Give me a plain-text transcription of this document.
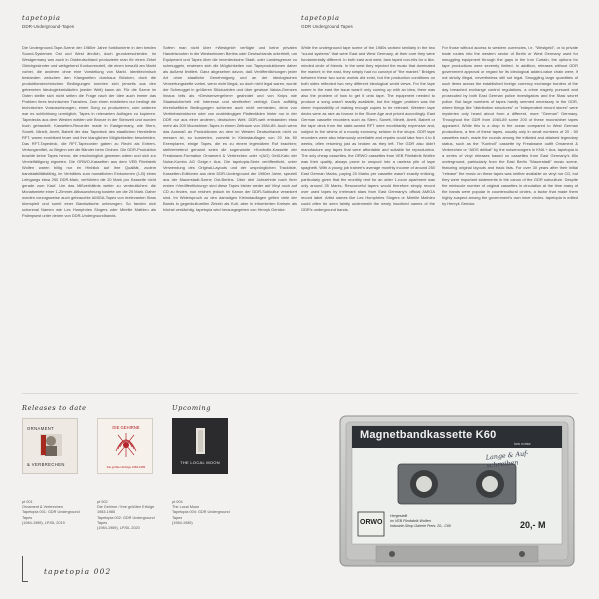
tapetopia
DDR-Underground-Tapes
tapetopia
GDR Underground Tapes

Die Underground-Tape-Szene der 1980er Jahre funktionierte in den beiden Sound-Systemen Ost und West ähnlich, doch grundverschieden. Im Westgermany war auch in Ostdeutschland produzierte man für einen Zirkel Gleichgesinnter und weitgehend Konkurrenzteil, die einen bewußt am Markt vorbei, die anderen ohne eine Vorstellung von Markt. Identitechnisch bestanden zwischen den Klangwelten durchaus Brücken, doch die produktionstechnischen Bedingungen konnten sich jenseits aus den getrennten Ideologiekreisläufen (weder Welt) kaum ab. Für die Szene im Osten stellte sich nicht selten die Frage nach der Idee auch immer das Problem ihres technischen Transfers. Zum einen existierten nur bedingt die technischen Voraussetzungen, einen Song zu produzieren, zum anderen war es schlichtweg unmöglich, Tapes in relevanten Auflagen zu kopieren. Tapedecks aus dem Westen wirkten wie Bronze in der Steinzeit und wurden hoch gehandelt. Kassetten-Recorder made in Eastgermany, wie Stern, Sonett, Minett, Anett, Babett der das Tapedeck des staatlichen Herstellers RFT, waren exorbitant teuer und ihre klanglichen Möglichkeiten bescheiden. Das RFT-Tapedeck, die RFT-Tapecorder gaben zu Recht als Extrem-Vertungsmittel, zu Beginn wer die Bänder beim Ordnen. Die DDR-Produktion brachte keine Tapes hervor, die erschwinglich gewesen wären und sich zur Vervielfältigung eigneten. Die ORWO-Kassetten aus dem VEB Filmfabrik Wolfen waren billig nur im Hinblick auf ihre Qualität, zudem bandstabilitätsfähig, im Verhältnis zum monatlichen Einkommen (1-B) eines Leihgangs etwa 250 DDR-Mark, verführten die 20 Mark pro Kassette nicht gerade zum Kauf. Um das Mißverhältnis weiter zu verdeutlichen: die Monatsmiete einer 1-Zimmer-Altbauwohnung kostete um die 25 Mark. Daher wurden vorzugsweise auch gebrauchte AMIGA-Tapes von irrelevanten Stars überspielt und somit einer Bandwäsche unterzogen. So fanden sich schonmal Namen wie Les Humphries Singers oder Mireille Mathieu als Palimpsest unter denen von DDR-Undergroundbands.

Sofern man nicht über »Westgeld« verfügte und keine privaten Handelsrouten in die Westsektoren Berlins oder Deutschlands unterhielt, um Equipment und Tapes über die innerdeutsche Stadt- oder Landesgrenze zu schmuggeln, erwiesen sich die Möglichkeiten von Tapeproduktionen daher als äußerst limitiert. Ganz abgesehen davon, daß Veröffentlichungen jeder Art ohne staatliche Genehmigung und an der ideologischen Verwertungskette vorbei, wenn nicht illegal, so doch nicht legal waren, wurde der Schmuggel in größeren Stückzahlen und über gewisse Valuta-Grenzen hinaus teils als »Devisenvergehen« geahndet und von Knips wie Staatssicherheit mit Interesse und streifenfrei verfolgt. Doch auffällig ehrenhaftliche Bedingungen schienen auch nicht vermieden, denn von Vertriebsstrukturen oder von unabhängigen Plattenläden hinter nur in der DDR nur aus einer anderen, deutschen Welt. DDR-weit entstanden etwa mehr als 200 Moonshiner-Tapes in einem Zeitraum von 1984-89. Auch wenn das Ausmaß an Produktionen an dem im Westen Deutschlands nicht zu messen ist, so kursierten, zumeist in Kleinstauflagen von 20 bis 50 Exemplaren, einige Tapes, die es zu einem legendären Ruf brachten; stellvertretend genannt seien die sogenannte »Kontrolle-Kassette der Freakwave-Formation Ornament & Verbrechen oder »(AG) Geiß-Kato der Noise-Kombo AG Geige.« Aus. Die tapetopia-Serie veröffentlicht, unter Verwendung des Original-Layouts und der ursprünglichen Trackliste, Kassetten-Editionen aus dem DDR-Underground der 1980er Jahre, speziell aus der Mauerstadt-Szene Ost-Berlins. Über drei Jahrzehnte nach ihrer ersten »Veröffentlichung« sind diese Tapes bisher weder auf Vinyl noch auf CD zu finden, nun reichen jedoch im Kanon der DDR-Subkultur verankert sind. Im Widerspruch zu den damaligen Kleinstauflagen gelten viele der Bands in gegenkulturellen Zirkeln als Kult, aber in informierten Kreisen als höchst verdächtig. tapetopia wird herausgegeben von Henryk Gericke.

While the underground tape scene of the 1980s worked similarly in the two "sound systems" that were East and West Germany, at their core they were fundamentally different. In both east and west, fans taped non-hits for a like-minded circle of friends. In the west they rejected the music that dominated the market; in the east, they simply had no concept of "the market." Bridges between these two sonic worlds did exist, but the production conditions on both sides reflected two very different ideological world views. For the tape scene in the east the issue wasn't only coming up with an idea, there was also the problem of how to get it onto tape. The equipment needed to produce a song wasn't readily available, but the bigger problem was the sheer impossibility of making enough copies to be relevant. Western tape decks were as rare as bronze in the Stone Age and priced accordingly. East German cassette recorders such as Stern, Sonett, Minett, Anett, Babett or the tape deck from the state-owned RFT were exorbitantly expensive and, subject to the whims of a moody economy, seldom in the shops. GDR tape recorders were also infamously unreliable and repairs could take from 4 to 8 weeks, often returning just as broken as they left. The GDR also didn't manufacture any tapes that were affordable and suitable for reproduction. The only cheap cassettes, the ORWO cassettes from VEB Filmfabrik Wolfen was their quality, always prone to unspool into a useless pile of tape spaghetti. With a young job trainee's average monthly income of around 250 East German Marks, paying 20 Marks per cassette wasn't exactly enticing, particularly given that the monthly rent for an older 1-room apartment was only around 25 Marks. Resourceful tapers would therefore simply record over used tapes by irrelevant stars from East Germany's official AMIGA record label. Artist names like Les Humphries Singers or Mireille Mathieu could often be seen faintly underneath the newly inscribed names of the GDR's underground bands.

For those without access to western currencies, i.e. "Westgeld", or to private trade routes into the western sector of Berlin or West Germany used for smuggling equipment through the gaps in the Iron Curtain, the options for tape productions were severely limited. In addition, releases without GDR government approval or regard for its ideological added-value chain were, if not strictly illegal, nevertheless still not legal. Smuggling large quantities of such items across the established foreign currency exchange borders of the day breached exchange control regulations, a crime eagerly pursued and prosecuted by both East German police investigators and the Stasi secret police. But large numbers of tapes hardly seemed necessary in the GDR, where things like "distribution structures" or "independent record stores" were mysteries only heard about from a different, more "German" Germany. Throughout the GDR from 1984-89 some 200 of these moonshiner tapes appeared. While this is a drop in the ocean compared to West German productions, a few of these tapes, usually only in small numbers of 20 - 50 cassettes each, made the rounds among the initiated and attained legendary status, such as the "Kontroll" cassette by Freakwave outfit Ornament & Verbrechen or "AIDS delikat" by the noisemongers in KNA + Aus. tapetopia is a series of vinyl releases based on cassettes from East Germany's 80s underground, particularly from the East Berlin "Mauerstadt" music scene, featuring original layouts and track lists. For over 30 years after their initial "release" the music on these tapes was neither available on vinyl nor CD, but they were important statements in the canon of the GDR subculture. Despite the miniscule number of original cassettes in circulation at the time many of the bands were popular in countercultural circles, a factor that made them highly suspect among the government's own inner circles. tapetopia is edited by Henryk Gericke.

Releases to date
ORNAMENT
& VERBRECHEN
pt 001
Ornament & Verbrechen
Tapetopia 001: GDR Underground Tapes
(1984-1989), LP/DL 2019
DIE GEHIRNE
Die größten Erfolge 1983-1985
pt 002
Die Gehirne / Ihre größten Erfolge 1983-1985
Tapetopia 002: GDR Underground Tapes
(1984-1989), LP/DL 2020
Upcoming
THE LOCAL MOON
pt 004
The Local Moon
Tapetopia 004: GDR Underground Tapes
(1984-1989)
Magnetbandkassette K60
low noise
Lange & Auf-schreiben
ORWO
Hergestellt
im VEB Filmfabrik Wolfen
Industrie-Shop Galerie Preis: 20,- C60	20,- M
tapetopia 002
